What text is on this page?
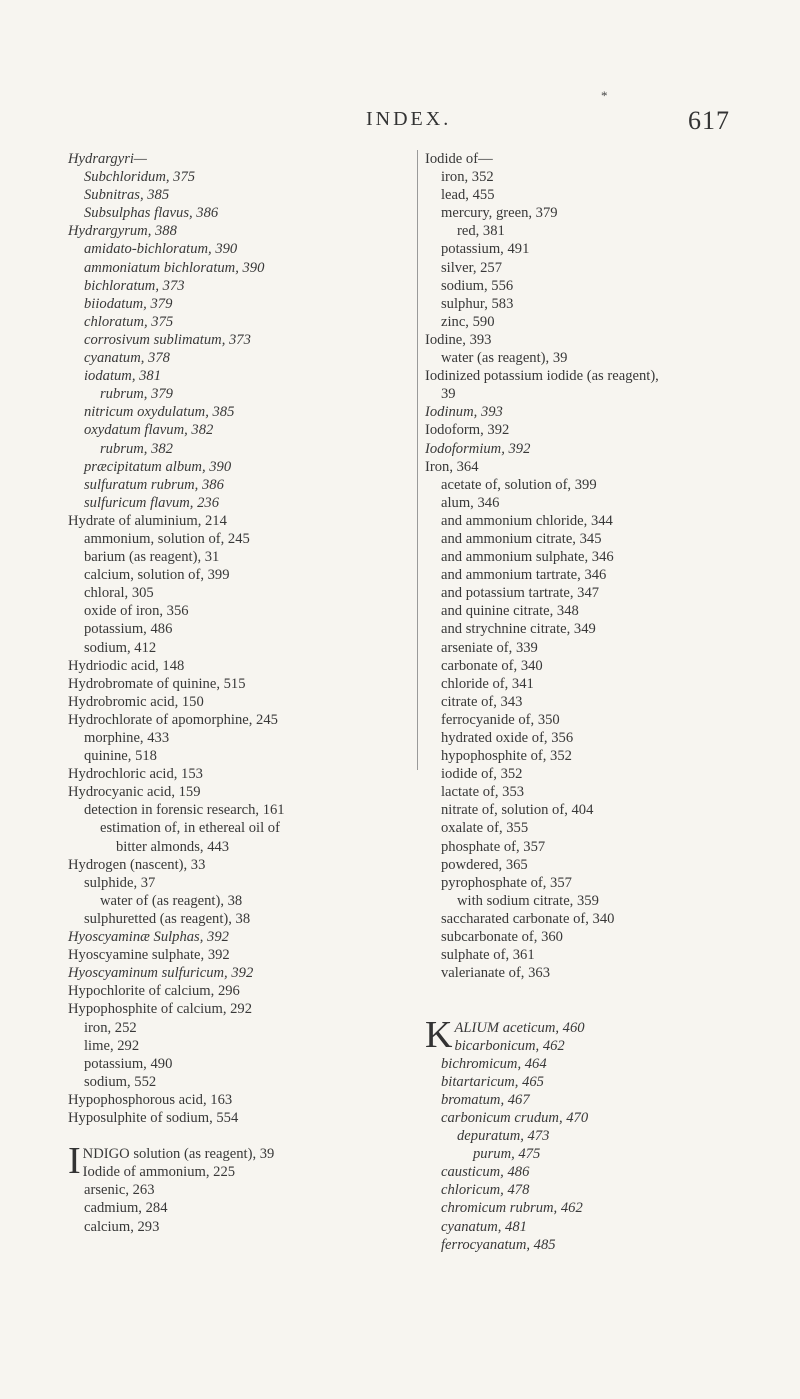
*
INDEX.	617
Hydrargyri—
Subchloridum, 375
Subnitras, 385
Subsulphas flavus, 386
Hydrargyrum, 388
amidato-bichloratum, 390
ammoniatum bichloratum, 390
bichloratum, 373
biiodatum, 379
chloratum, 375
corrosivum sublimatum, 373
cyanatum, 378
iodatum, 381
rubrum, 379
nitricum oxydulatum, 385
oxydatum flavum, 382
rubrum, 382
præcipitatum album, 390
sulfuratum rubrum, 386
sulfuricum flavum, 236
Hydrate of aluminium, 214
ammonium, solution of, 245
barium (as reagent), 31
calcium, solution of, 399
chloral, 305
oxide of iron, 356
potassium, 486
sodium, 412
Hydriodic acid, 148
Hydrobromate of quinine, 515
Hydrobromic acid, 150
Hydrochlorate of apomorphine, 245
morphine, 433
quinine, 518
Hydrochloric acid, 153
Hydrocyanic acid, 159
detection in forensic research, 161
estimation of, in ethereal oil of
bitter almonds, 443
Hydrogen (nascent), 33
sulphide, 37
water of (as reagent), 38
sulphuretted (as reagent), 38
Hyoscyaminæ Sulphas, 392
Hyoscyamine sulphate, 392
Hyoscyaminum sulfuricum, 392
Hypochlorite of calcium, 296
Hypophosphite of calcium, 292
iron, 252
lime, 292
potassium, 490
sodium, 552
Hypophosphorous acid, 163
Hyposulphite of sodium, 554
INDIGO solution (as reagent), 39
Iodide of ammonium, 225
arsenic, 263
cadmium, 284
calcium, 293
Iodide of—
iron, 352
lead, 455
mercury, green, 379
red, 381
potassium, 491
silver, 257
sodium, 556
sulphur, 583
zinc, 590
Iodine, 393
water (as reagent), 39
Iodinized potassium iodide (as reagent),
39
Iodinum, 393
Iodoform, 392
Iodoformium, 392
Iron, 364
acetate of, solution of, 399
alum, 346
and ammonium chloride, 344
and ammonium citrate, 345
and ammonium sulphate, 346
and ammonium tartrate, 346
and potassium tartrate, 347
and quinine citrate, 348
and strychnine citrate, 349
arseniate of, 339
carbonate of, 340
chloride of, 341
citrate of, 343
ferrocyanide of, 350
hydrated oxide of, 356
hypophosphite of, 352
iodide of, 352
lactate of, 353
nitrate of, solution of, 404
oxalate of, 355
phosphate of, 357
powdered, 365
pyrophosphate of, 357
with sodium citrate, 359
saccharated carbonate of, 340
subcarbonate of, 360
sulphate of, 361
valerianate of, 363
KALIUM aceticum, 460
bicarbonicum, 462
bichromicum, 464
bitartaricum, 465
bromatum, 467
carbonicum crudum, 470
depuratum, 473
purum, 475
causticum, 486
chloricum, 478
chromicum rubrum, 462
cyanatum, 481
ferrocyanatum, 485
